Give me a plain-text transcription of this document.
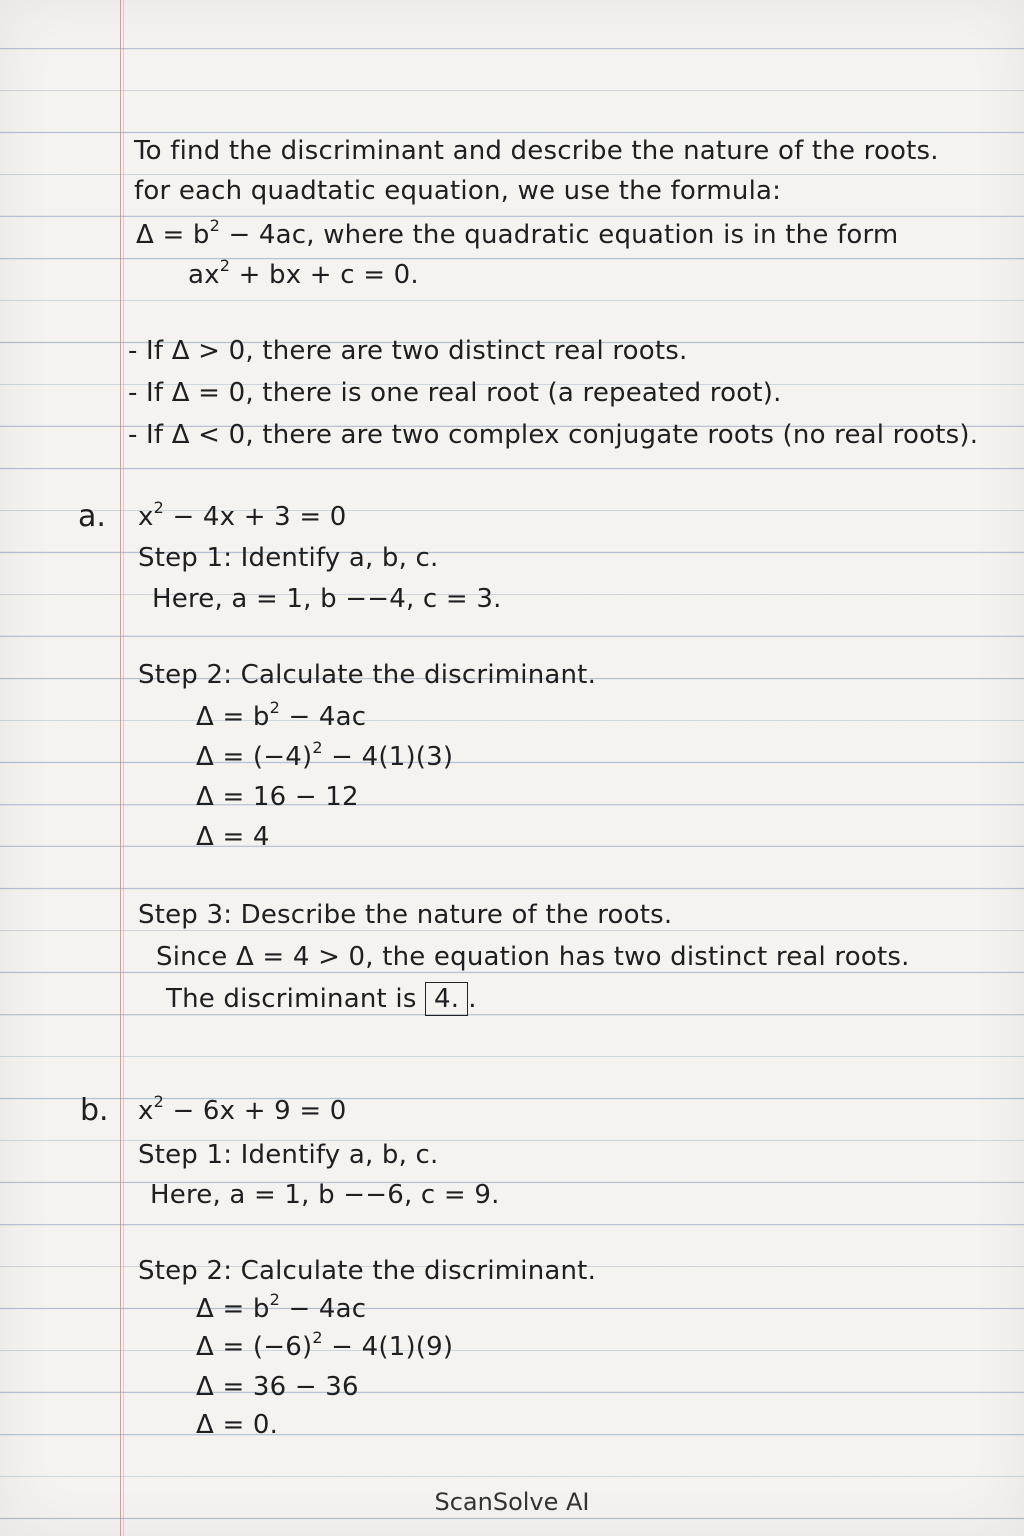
To find the discriminant and describe the nature of the roots.
for each quadtatic equation, we use the formula:
$\Delta = b^2 - 4ac$, where the quadratic equation is in the form
$ax^2$ + bx + c = 0.
- If Δ > 0, there are two distinct real roots.
- If Δ = 0, there is one real root (a repeated root).
- If Δ < 0, there are two complex conjugate roots (no real roots).
a. $x^2 - 4x + 3 = 0$
Step 1: Identify a, b, c.
Here, a = 1, b −−4, c = 3.
Step 2: Calculate the discriminant.
$\Delta = b^2 - 4ac$
$\Delta = (-4)^2 - 4(1)(3)$
Δ = 16 − 12
Δ = 4
Step 3: Describe the nature of the roots.
Since Δ = 4 > 0, the equation has two distinct real roots.
The discriminant is 4. .
b. $x^2 - 6x + 9 = 0$
Step 1: Identify a, b, c.
Here, a = 1, b −−6, c = 9.
Step 2: Calculate the discriminant.
$\Delta = b^2 - 4ac$
$\Delta = (-6)^2 - 4(1)(9)$
Δ = 36 − 36
Δ = 0.
ScanSolve AI
